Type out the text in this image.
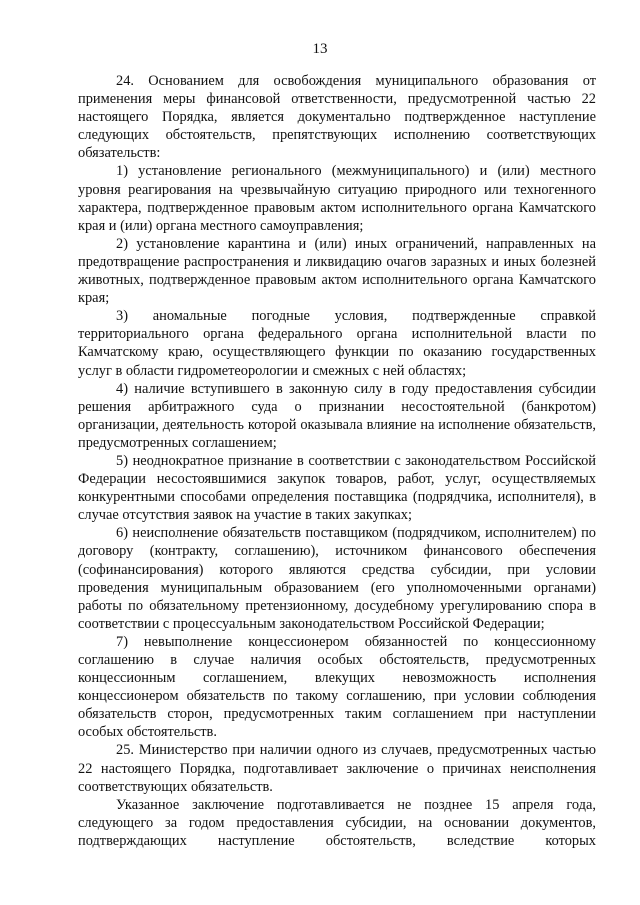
13

24. Основанием для освобождения муниципального образования от применения меры финансовой ответственности, предусмотренной частью 22 настоящего Порядка, является документально подтвержденное наступление следующих обстоятельств, препятствующих исполнению соответствующих обязательств:

1) установление регионального (межмуниципального) и (или) местного уровня реагирования на чрезвычайную ситуацию природного или техногенного характера, подтвержденное правовым актом исполнительного органа Камчатского края и (или) органа местного самоуправления;

2) установление карантина и (или) иных ограничений, направленных на предотвращение распространения и ликвидацию очагов заразных и иных болезней животных, подтвержденное правовым актом исполнительного органа Камчатского края;

3) аномальные погодные условия, подтвержденные справкой территориального органа федерального органа исполнительной власти по Камчатскому краю, осуществляющего функции по оказанию государственных услуг в области гидрометеорологии и смежных с ней областях;

4) наличие вступившего в законную силу в году предоставления субсидии решения арбитражного суда о признании несостоятельной (банкротом) организации, деятельность которой оказывала влияние на исполнение обязательств, предусмотренных соглашением;

5) неоднократное признание в соответствии с законодательством Российской Федерации несостоявшимися закупок товаров, работ, услуг, осуществляемых конкурентными способами определения поставщика (подрядчика, исполнителя), в случае отсутствия заявок на участие в таких закупках;

6) неисполнение обязательств поставщиком (подрядчиком, исполнителем) по договору (контракту, соглашению), источником финансового обеспечения (софинансирования) которого являются средства субсидии, при условии проведения муниципальным образованием (его уполномоченными органами) работы по обязательному претензионному, досудебному урегулированию спора в соответствии с процессуальным законодательством Российской Федерации;

7) невыполнение концессионером обязанностей по концессионному соглашению в случае наличия особых обстоятельств, предусмотренных концессионным соглашением, влекущих невозможность исполнения концессионером обязательств по такому соглашению, при условии соблюдения обязательств сторон, предусмотренных таким соглашением при наступлении особых обстоятельств.

25. Министерство при наличии одного из случаев, предусмотренных частью 22 настоящего Порядка, подготавливает заключение о причинах неисполнения соответствующих обязательств.

Указанное заключение подготавливается не позднее 15 апреля года, следующего за годом предоставления субсидии, на основании документов, подтверждающих наступление обстоятельств, вследствие которых
